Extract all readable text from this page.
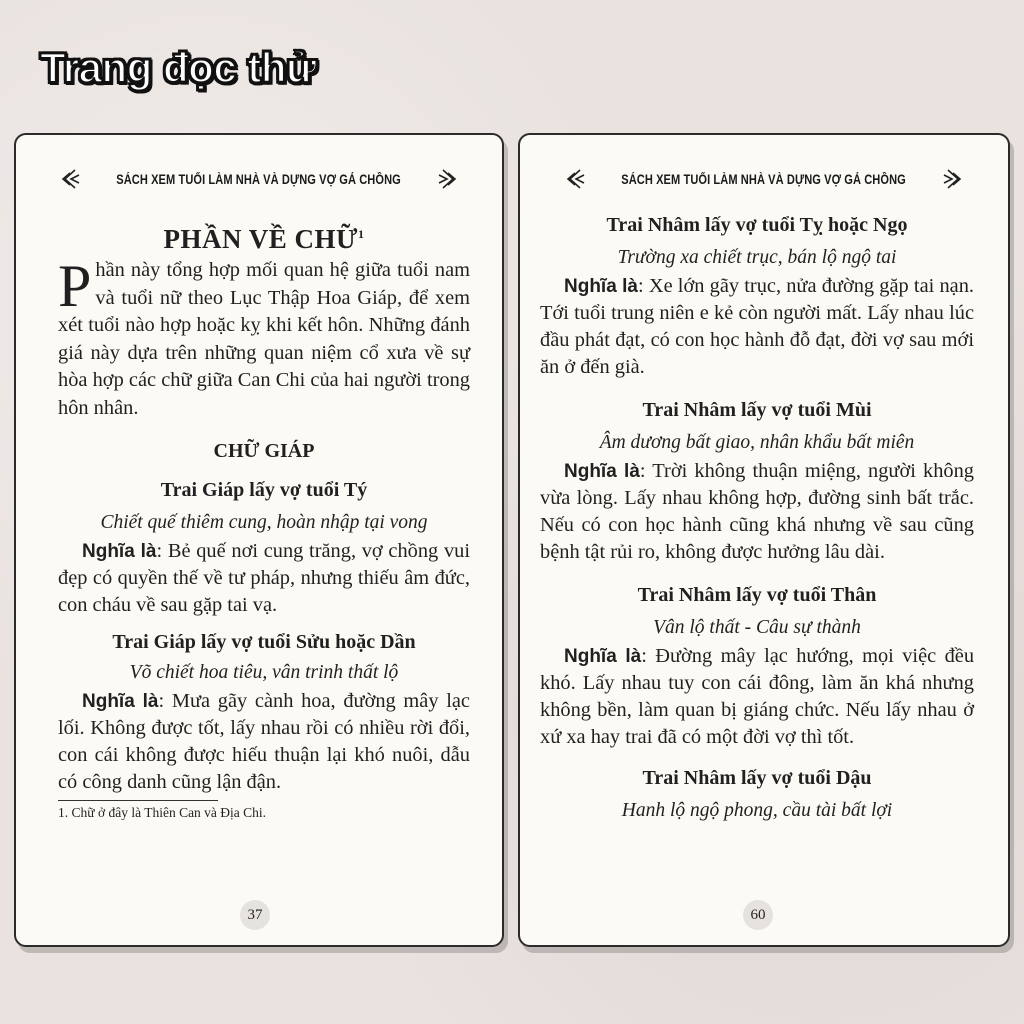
Trang đọc thử
SÁCH XEM TUỔI LÀM NHÀ VÀ DỰNG VỢ GẢ CHỒNG
PHẦN VỀ CHỮ$^1$

Phần này tổng hợp mối quan hệ giữa tuổi nam và tuổi nữ theo Lục Thập Hoa Giáp, để xem xét tuổi nào hợp hoặc kỵ khi kết hôn. Những đánh giá này dựa trên những quan niệm cổ xưa về sự hòa hợp các chữ giữa Can Chi của hai người trong hôn nhân.

CHỮ GIÁP
Trai Giáp lấy vợ tuổi Tý
Chiết quế thiêm cung, hoàn nhập tại vong

Nghĩa là: Bẻ quế nơi cung trăng, vợ chồng vui đẹp có quyền thế về tư pháp, nhưng thiếu âm đức, con cháu về sau gặp tai vạ.

Trai Giáp lấy vợ tuổi Sửu hoặc Dần
Võ chiết hoa tiêu, vân trinh thất lộ

Nghĩa là: Mưa gãy cành hoa, đường mây lạc lối. Không được tốt, lấy nhau rồi có nhiều rời đổi, con cái không được hiếu thuận lại khó nuôi, dẫu có công danh cũng lận đận.

1. Chữ ở đây là Thiên Can và Địa Chi.
37
SÁCH XEM TUỔI LÀM NHÀ VÀ DỰNG VỢ GẢ CHỒNG
Trai Nhâm lấy vợ tuổi Tỵ hoặc Ngọ
Trường xa chiết trục, bán lộ ngộ tai

Nghĩa là: Xe lớn gãy trục, nửa đường gặp tai nạn. Tới tuổi trung niên e kẻ còn người mất. Lấy nhau lúc đầu phát đạt, có con học hành đỗ đạt, đời vợ sau mới ăn ở đến già.

Trai Nhâm lấy vợ tuổi Mùi
Âm dương bất giao, nhân khẩu bất miên

Nghĩa là: Trời không thuận miệng, người không vừa lòng. Lấy nhau không hợp, đường sinh bất trắc. Nếu có con học hành cũng khá nhưng về sau cũng bệnh tật rủi ro, không được hưởng lâu dài.

Trai Nhâm lấy vợ tuổi Thân
Vân lộ thất - Câu sự thành

Nghĩa là: Đường mây lạc hướng, mọi việc đều khó. Lấy nhau tuy con cái đông, làm ăn khá nhưng không bền, làm quan bị giáng chức. Nếu lấy nhau ở xứ xa hay trai đã có một đời vợ thì tốt.

Trai Nhâm lấy vợ tuổi Dậu
Hanh lộ ngộ phong, cầu tài bất lợi
60
